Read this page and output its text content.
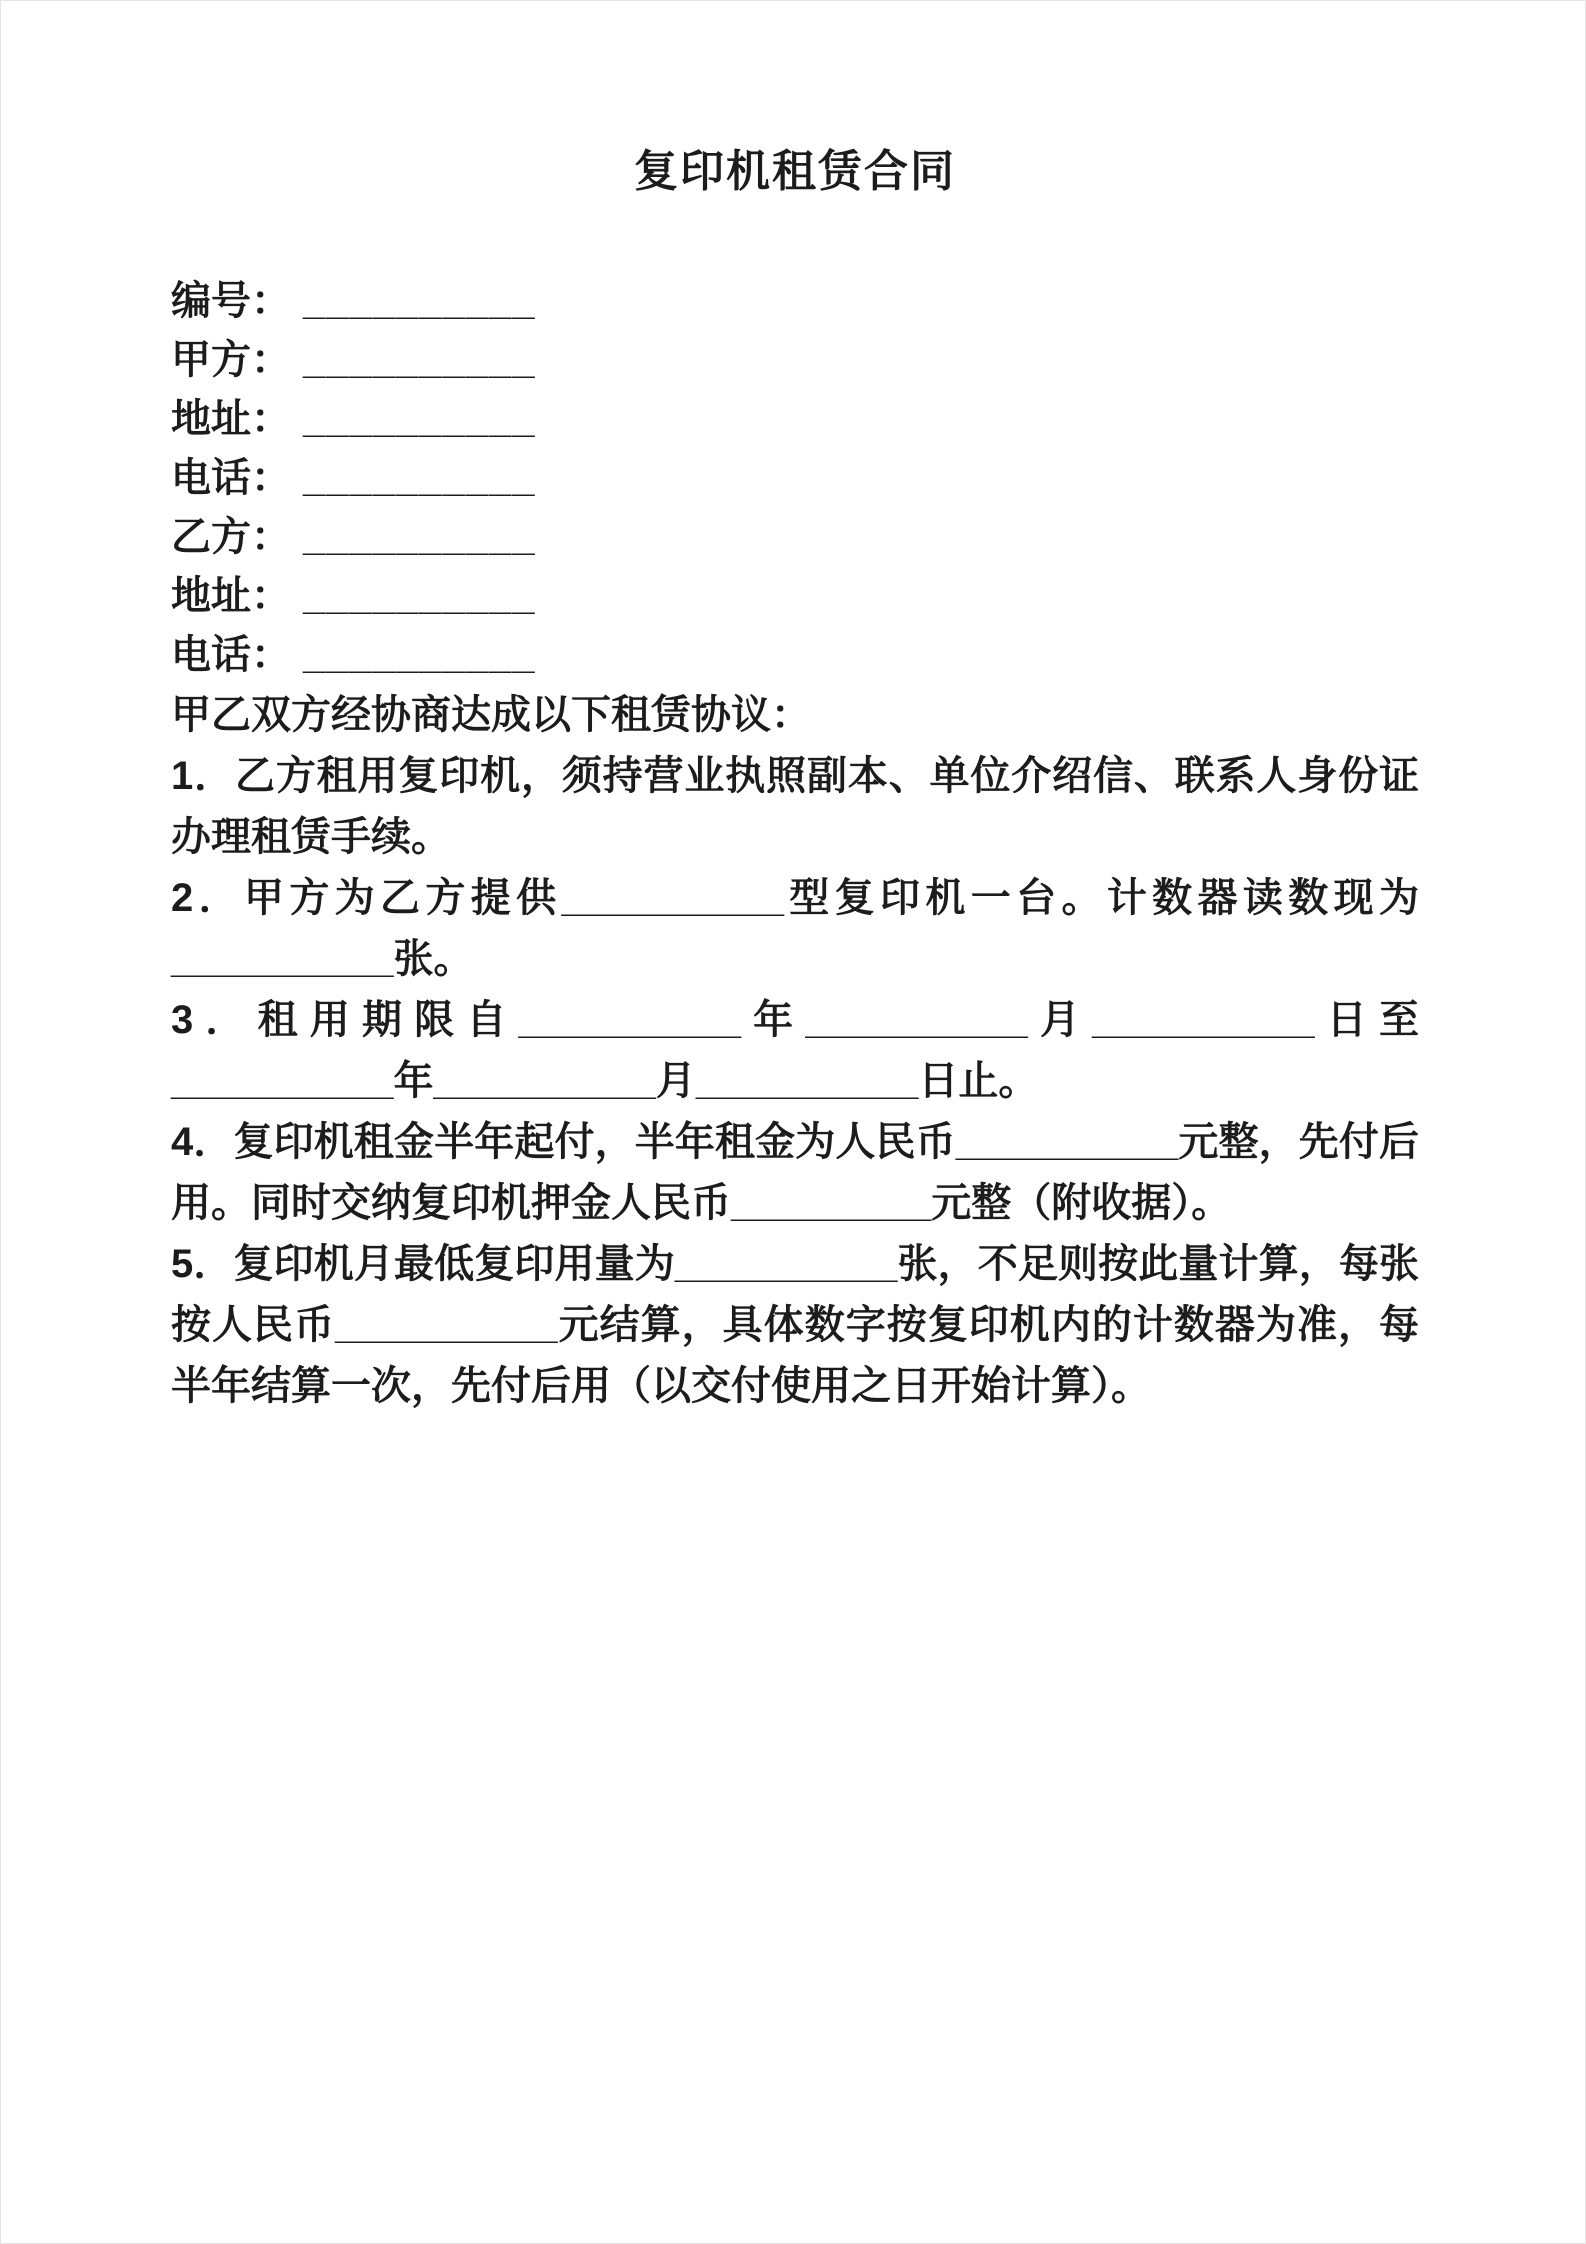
复印机租赁合同
编号： __________
甲方： __________
地址： __________
电话： __________
乙方： __________
地址： __________
电话： __________

甲乙双方经协商达成以下租赁协议：

1．乙方租用复印机，须持营业执照副本、单位介绍信、联系人身份证办理租赁手续。

2．甲方为乙方提供__________型复印机一台。计数器读数现为__________张。

3．租用期限自__________年__________月__________日至__________年__________月__________日止。

4．复印机租金半年起付，半年租金为人民币__________元整，先付后用。同时交纳复印机押金人民币_________元整（附收据）。

5．复印机月最低复印用量为__________张，不足则按此量计算，每张按人民币__________元结算，具体数字按复印机内的计数器为准，每半年结算一次，先付后用（以交付使用之日开始计算）。
